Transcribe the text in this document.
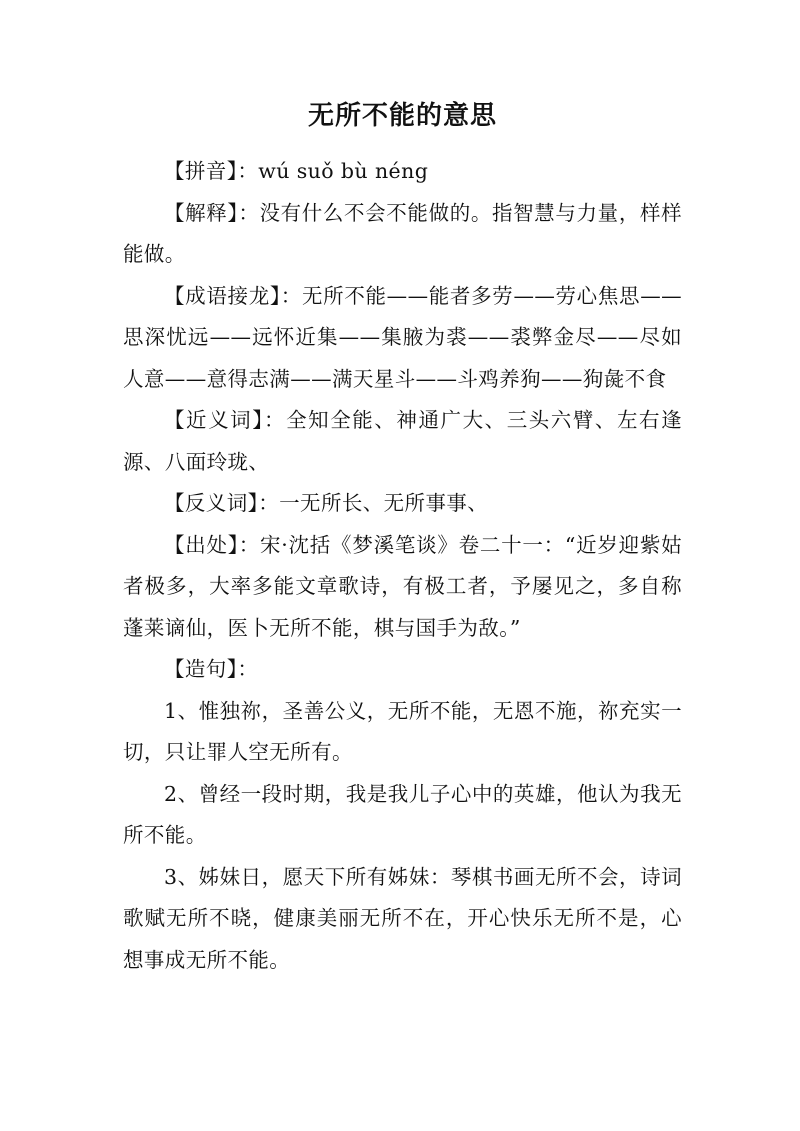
无所不能的意思

【拼音】：wú suǒ bù néng

【解释】：没有什么不会不能做的。指智慧与力量，样样能做。

【成语接龙】：无所不能——能者多劳——劳心焦思——思深忧远——远怀近集——集腋为裘——裘弊金尽——尽如人意——意得志满——满天星斗——斗鸡养狗——狗彘不食

【近义词】：全知全能、神通广大、三头六臂、左右逢源、八面玲珑、

【反义词】：一无所长、无所事事、

【出处】：宋·沈括《梦溪笔谈》卷二十一：“近岁迎紫姑者极多，大率多能文章歌诗，有极工者，予屡见之，多自称蓬莱谪仙，医卜无所不能，棋与国手为敌。”

【造句】：

1、惟独祢，圣善公义，无所不能，无恩不施，祢充实一切，只让罪人空无所有。

2、曾经一段时期，我是我儿子心中的英雄，他认为我无所不能。

3、姊妹日，愿天下所有姊妹：琴棋书画无所不会，诗词歌赋无所不晓，健康美丽无所不在，开心快乐无所不是，心想事成无所不能。
